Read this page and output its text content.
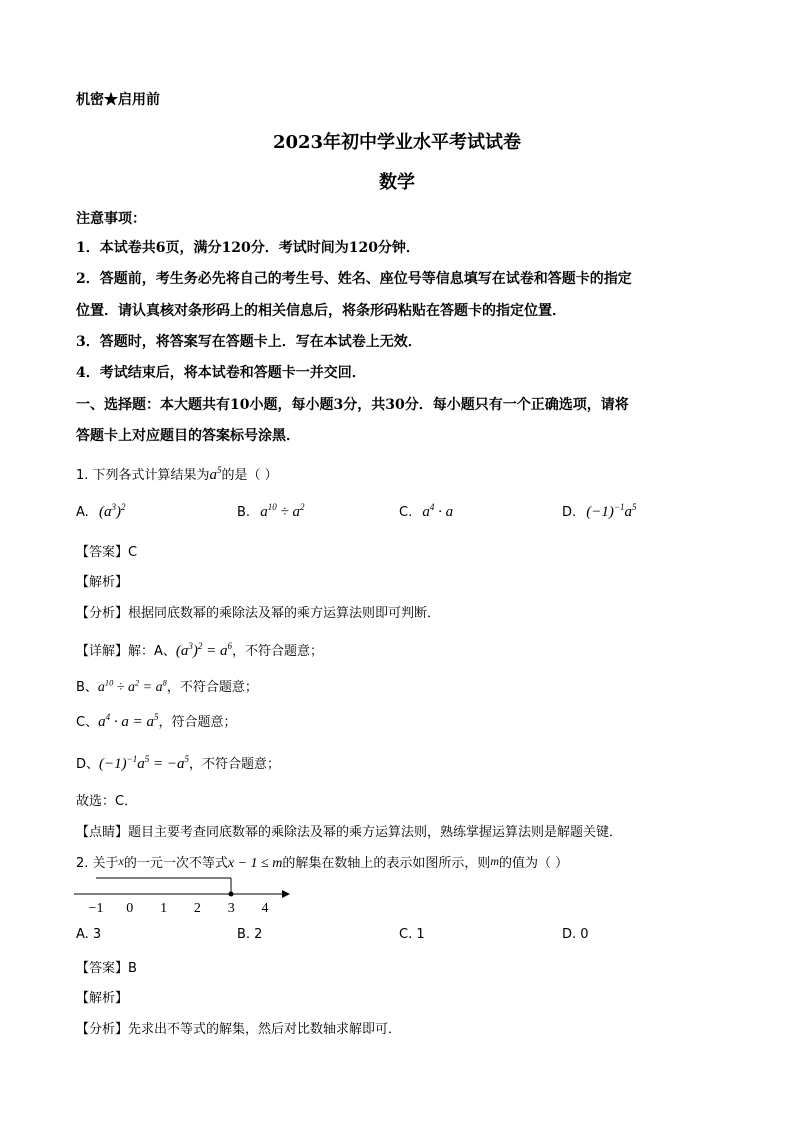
机密★启用前
2023年初中学业水平考试试卷
数学
注意事项：
1．本试卷共6页，满分120分．考试时间为120分钟．
2．答题前，考生务必先将自己的考生号、姓名、座位号等信息填写在试卷和答题卡的指定
位置．请认真核对条形码上的相关信息后，将条形码粘贴在答题卡的指定位置．
3．答题时，将答案写在答题卡上．写在本试卷上无效．
4．考试结束后，将本试卷和答题卡一并交回．
一、选择题：本大题共有10小题，每小题3分，共30分．每小题只有一个正确选项，请将
答题卡上对应题目的答案标号涂黑．
1. 下列各式计算结果为$a^5$的是（ ）
A. $(a^3)^2$	B. $a^{10} \div a^2$	C. $a^4 \cdot a$	D. $(-1)^{-1}a^5$
【答案】C
【解析】
【分析】根据同底数幂的乘除法及幂的乘方运算法则即可判断．
【详解】解：A、$(a^3)^2 = a^6$，不符合题意；
B、$a^{10} \div a^2 = a^8$，不符合题意；
C、$a^4 \cdot a = a^5$，符合题意；
D、$(-1)^{-1}a^5 = -a^5$，不符合题意；
故选：C．
【点睛】题目主要考查同底数幂的乘除法及幂的乘方运算法则，熟练掌握运算法则是解题关键．
2. 关于x的一元一次不等式x − 1 ≤ m的解集在数轴上的表示如图所示，则m的值为（ ）
−1 0 1 2 3 4
A. 3	B. 2	C. 1	D. 0
【答案】B
【解析】
【分析】先求出不等式的解集，然后对比数轴求解即可．
